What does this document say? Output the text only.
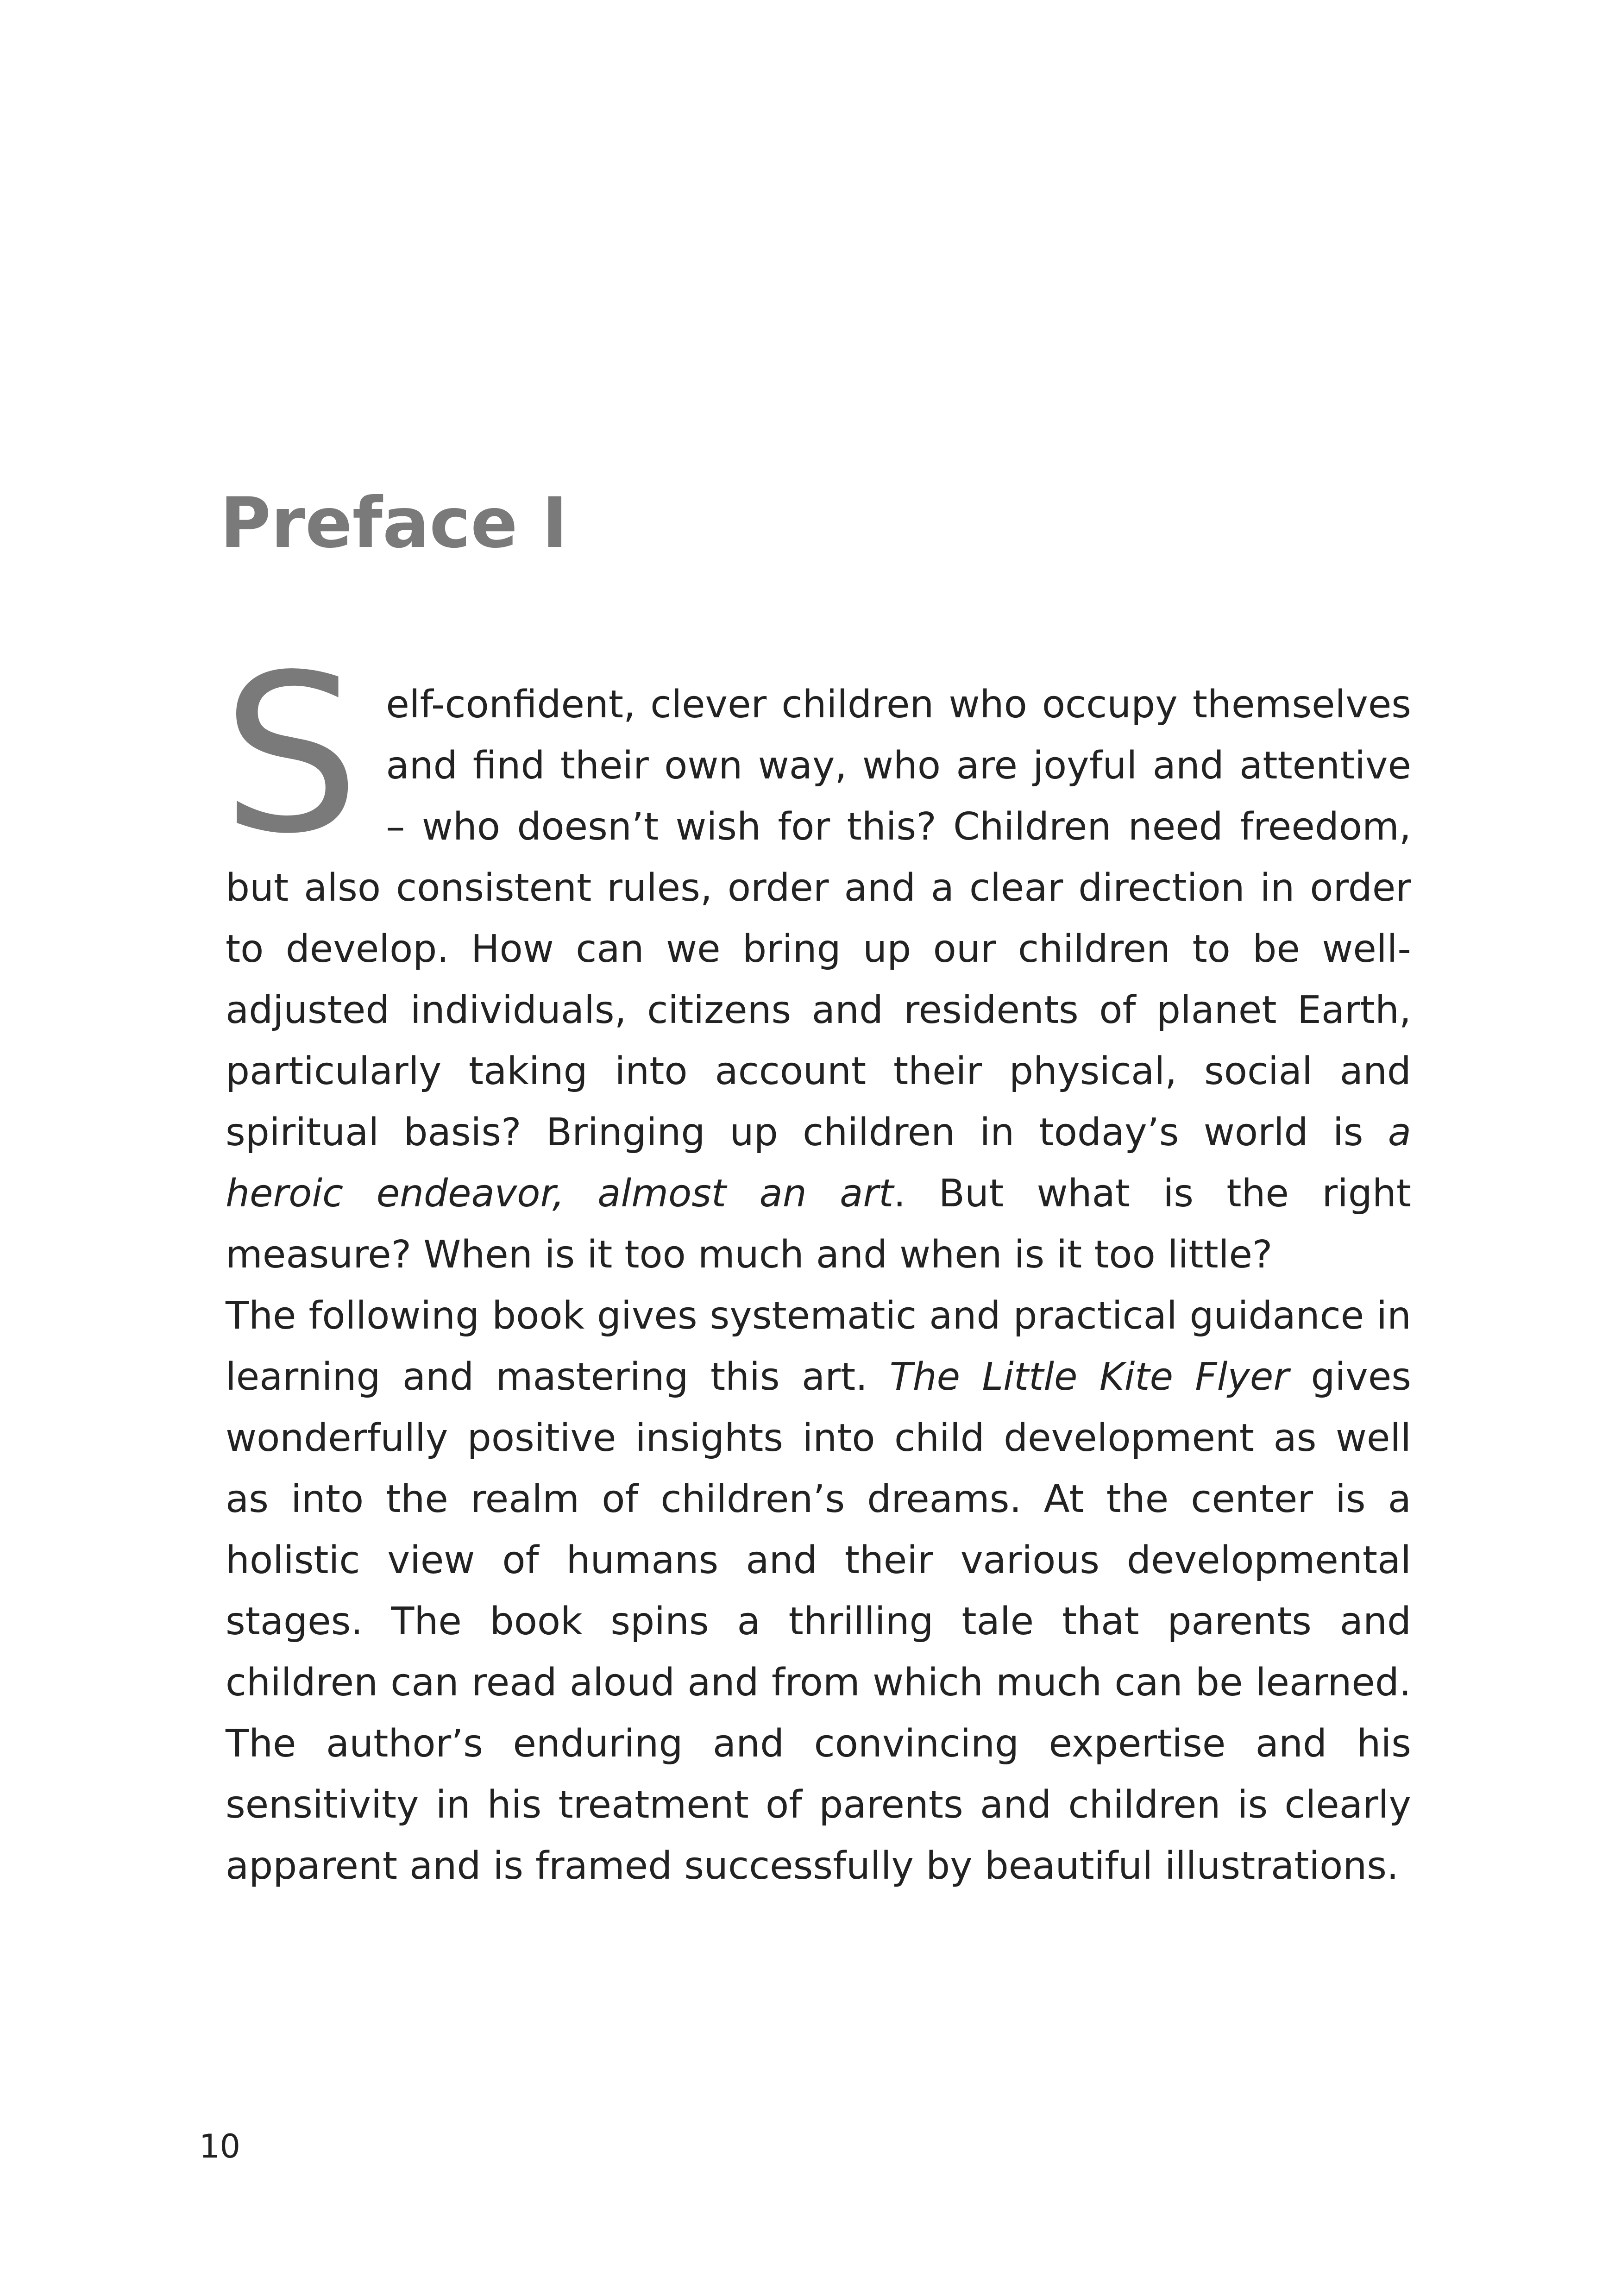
Preface I

Self-confident, clever children who occupy themselves and find their own way, who are joyful and attentive – who doesn’t wish for this? Children need freedom, but also consistent rules, order and a clear direction in order to develop. How can we bring up our children to be well-adjusted individuals, citizens and residents of planet Earth, particularly taking into account their physical, social and spiritual basis? Bringing up children in today’s world is a heroic endeavor, almost an art. But what is the right measure? When is it too much and when is it too little?

The following book gives systematic and practical guidance in learning and mastering this art. The Little Kite Flyer gives wonderfully positive insights into child development as well as into the realm of children’s dreams. At the center is a holistic view of humans and their various developmental stages. The book spins a thrilling tale that parents and children can read aloud and from which much can be learned. The author’s enduring and convincing expertise and his sensitivity in his treatment of parents and children is clearly apparent and is framed successfully by beautiful illustrations.

10
